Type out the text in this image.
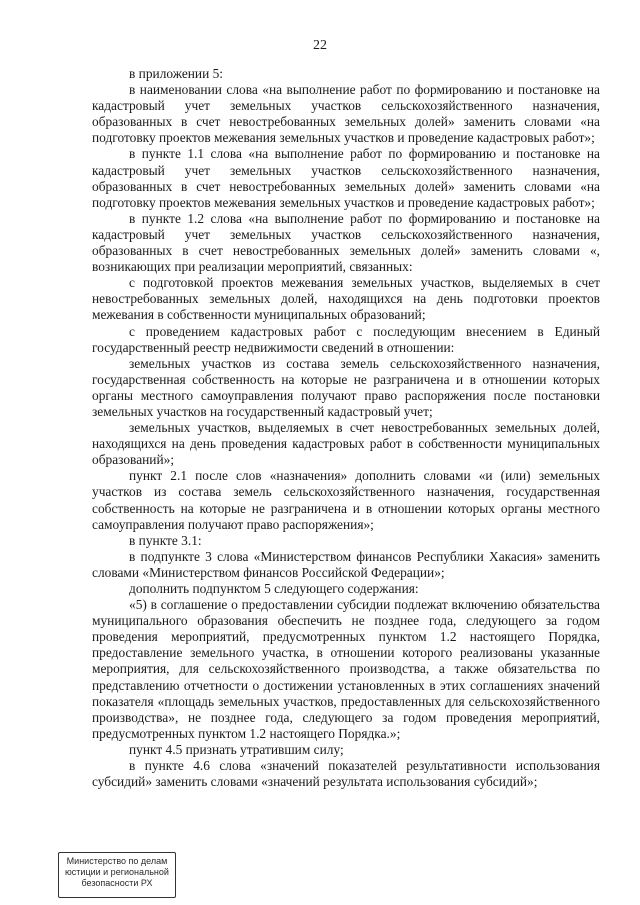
22

в приложении 5:

в наименовании слова «на выполнение работ по формированию и постановке на кадастровый учет земельных участков сельскохозяйственного назначения, образованных в счет невостребованных земельных долей» заменить словами «на подготовку проектов межевания земельных участков и проведение кадастровых работ»;

в пункте 1.1 слова «на выполнение работ по формированию и постановке на кадастровый учет земельных участков сельскохозяйственного назначения, образованных в счет невостребованных земельных долей» заменить словами «на подготовку проектов межевания земельных участков и проведение кадастровых работ»;

в пункте 1.2 слова «на выполнение работ по формированию и постановке на кадастровый учет земельных участков сельскохозяйственного назначения, образованных в счет невостребованных земельных долей» заменить словами «, возникающих при реализации мероприятий, связанных:

с подготовкой проектов межевания земельных участков, выделяемых в счет невостребованных земельных долей, находящихся на день подготовки проектов межевания в собственности муниципальных образований;

с проведением кадастровых работ с последующим внесением в Единый государственный реестр недвижимости сведений в отношении:

земельных участков из состава земель сельскохозяйственного назначения, государственная собственность на которые не разграничена и в отношении которых органы местного самоуправления получают право распоряжения после постановки земельных участков на государственный кадастровый учет;

земельных участков, выделяемых в счет невостребованных земельных долей, находящихся на день проведения кадастровых работ в собственности муниципальных образований»;

пункт 2.1 после слов «назначения» дополнить словами «и (или) земельных участков из состава земель сельскохозяйственного назначения, государственная собственность на которые не разграничена и в отношении которых органы местного самоуправления получают право распоряжения»;

в пункте 3.1:

в подпункте 3 слова «Министерством финансов Республики Хакасия» заменить словами «Министерством финансов Российской Федерации»;

дополнить подпунктом 5 следующего содержания:

«5) в соглашение о предоставлении субсидии подлежат включению обязательства муниципального образования обеспечить не позднее года, следующего за годом проведения мероприятий, предусмотренных пунктом 1.2 настоящего Порядка, предоставление земельного участка, в отношении которого реализованы указанные мероприятия, для сельскохозяйственного производства, а также обязательства по представлению отчетности о достижении установленных в этих соглашениях значений показателя «площадь земельных участков, предоставленных для сельскохозяйственного производства», не позднее года, следующего за годом проведения мероприятий, предусмотренных пунктом 1.2 настоящего Порядка.»;

пункт 4.5 признать утратившим силу;

в пункте 4.6 слова «значений показателей результативности использования субсидий» заменить словами «значений результата использования субсидий»;

Министерство по делам
юстиции и региональной
безопасности РХ
